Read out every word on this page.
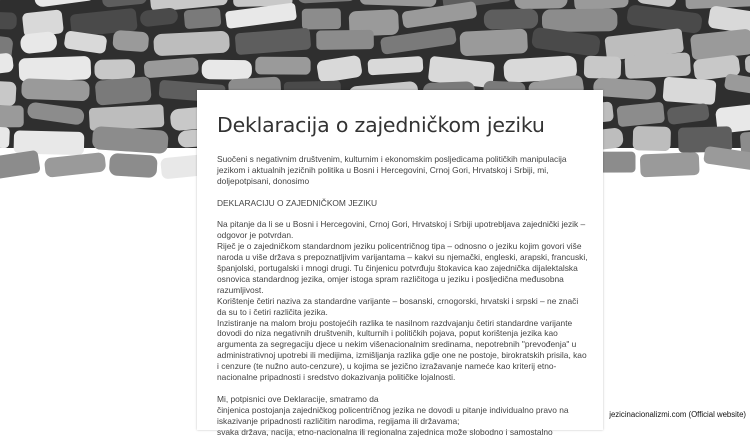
Deklaracija o zajedničkom jeziku

Suočeni s negativnim društvenim, kulturnim i ekonomskim posljedicama političkih manipulacija jezikom i aktualnih jezičnih politika u Bosni i Hercegovini, Crnoj Gori, Hrvatskoj i Srbiji, mi, doljepotpisani, donosimo

DEKLARACIJU O ZAJEDNIČKOM JEZIKU

Na pitanje da li se u Bosni i Hercegovini, Crnoj Gori, Hrvatskoj i Srbiji upotrebljava zajednički jezik – odgovor je potvrdan.

Riječ je o zajedničkom standardnom jeziku policentričnog tipa – odnosno o jeziku kojim govori više naroda u više država s prepoznatljivim varijantama – kakvi su njemački, engleski, arapski, francuski, španjolski, portugalski i mnogi drugi. Tu činjenicu potvrđuju štokavica kao zajednička dijalektalska osnovica standardnog jezika, omjer istoga spram različitoga u jeziku i posljedična međusobna razumljivost.

Korištenje četiri naziva za standardne varijante – bosanski, crnogorski, hrvatski i srpski – ne znači da su to i četiri različita jezika.

Inzistiranje na malom broju postojećih razlika te nasilnom razdvajanju četiri standardne varijante dovodi do niza negativnih društvenih, kulturnih i političkih pojava, poput korištenja jezika kao argumenta za segregaciju djece u nekim višenacionalnim sredinama, nepotrebnih "prevođenja" u administrativnoj upotrebi ili medijima, izmišljanja razlika gdje one ne postoje, birokratskih prisila, kao i cenzure (te nužno auto-cenzure), u kojima se jezično izražavanje nameće kao kriterij etno-nacionalne pripadnosti i sredstvo dokazivanja političke lojalnosti.

Mi, potpisnici ove Deklaracije, smatramo da

činjenica postojanja zajedničkog policentričnog jezika ne dovodi u pitanje individualno pravo na iskazivanje pripadnosti različitim narodima, regijama ili državama;

svaka država, nacija, etno-nacionalna ili regionalna zajednica može slobodno i samostalno

jezicinacionalizmi.com (Official website)
